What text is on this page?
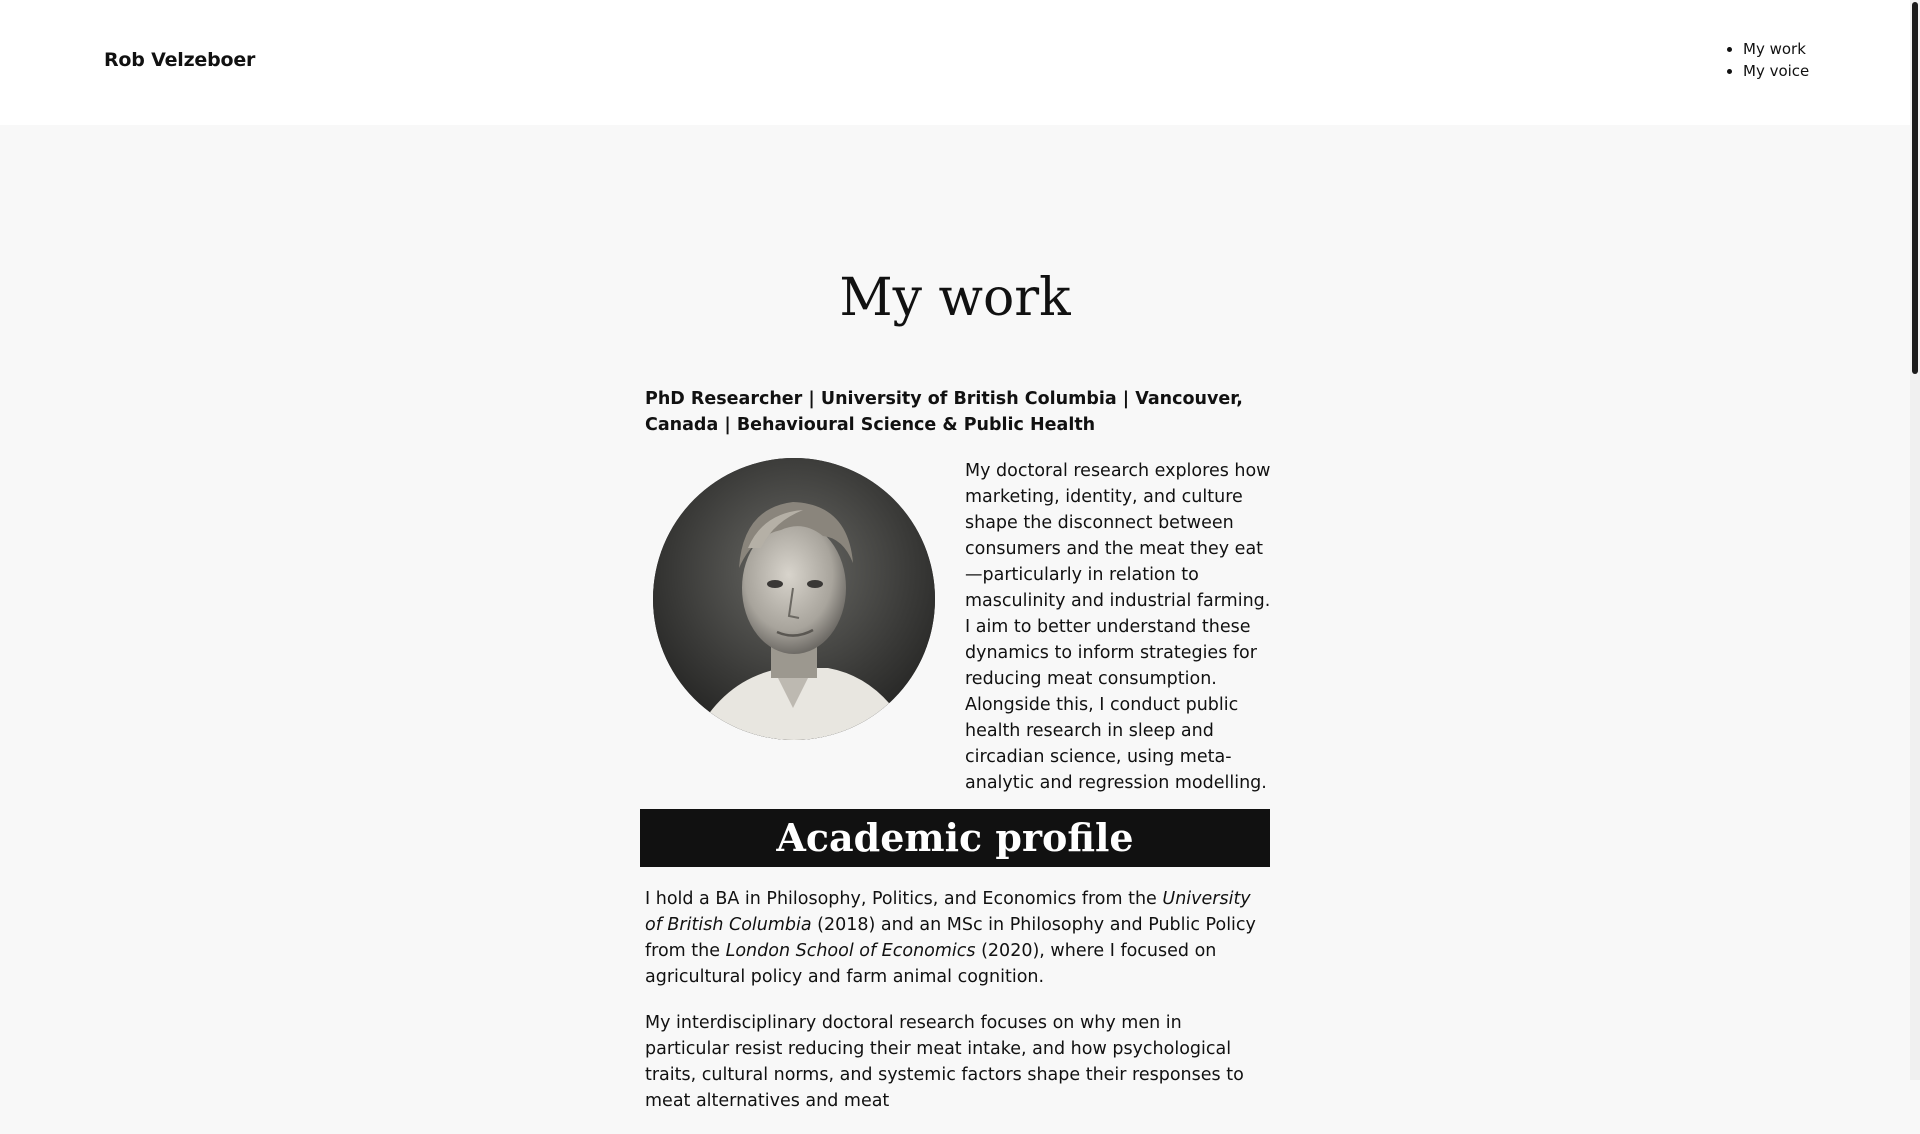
Rob Velzeboer
•	My work
• My voice
My work

PhD Researcher | University of British Columbia | Vancouver, Canada | Behavioural Science & Public Health

My doctoral research explores how marketing, identity, and culture shape the disconnect between consumers and the meat they eat—particularly in relation to masculinity and industrial farming. I aim to better understand these dynamics to inform strategies for reducing meat consumption. Alongside this, I conduct public health research in sleep and circadian science, using meta-analytic and regression modelling.

Academic profile

I hold a BA in Philosophy, Politics, and Economics from the University of British Columbia (2018) and an MSc in Philosophy and Public Policy from the London School of Economics (2020), where I focused on agricultural policy and farm animal cognition.

My interdisciplinary doctoral research focuses on why men in particular resist reducing their meat intake, and how psychological traits, cultural norms, and systemic factors shape their responses to meat alternatives and meat
